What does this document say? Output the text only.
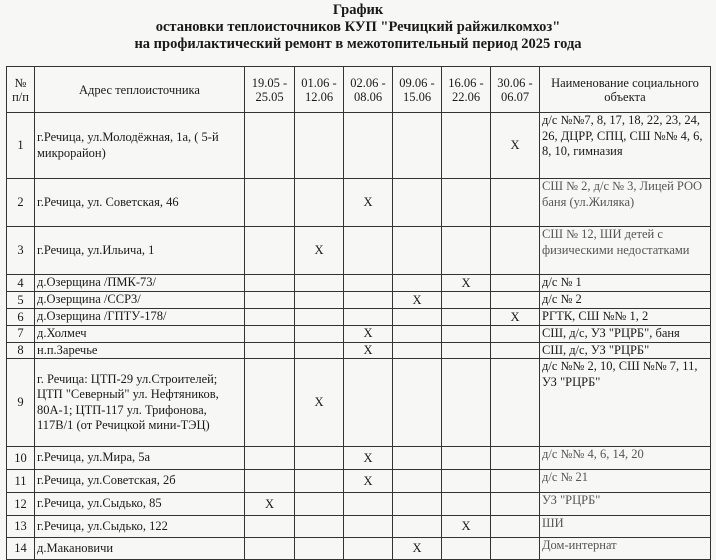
График
остановки теплоисточников КУП "Речицкий райжилкомхоз"
на профилактический ремонт в межотопительный период 2025 года
№ п/п	Адрес теплоисточника	19.05 - 25.05	01.06 - 12.06	02.06 - 08.06	09.06 - 15.06	16.06 - 22.06	30.06 - 06.07	Наименование социального объекта
1	г.Речица, ул.Молодёжная, 1а, ( 5-й микрорайон)						X	д/с №№7, 8, 17, 18, 22, 23, 24, 26, ДЦРР, СПЦ, СШ №№ 4, 6, 8, 10, гимназия
2	г.Речица, ул. Советская, 46			X				СШ № 2, д/с № 3, Лицей РОО баня (ул.Жиляка)
3	г.Речица, ул.Ильича, 1		X					СШ № 12, ШИ детей с физическими недостатками
4	д.Озерщина /ПМК-73/					X		д/с № 1
5	д.Озерщина /ССР3/				X			д/с № 2
6	д.Озерщина /ГПТУ-178/						X	РГТК, СШ №№ 1, 2
7	д.Холмеч			X				СШ, д/с, УЗ "РЦРБ", баня
8	н.п.Заречье			X				СШ, д/с, УЗ "РЦРБ"
9	г. Речица: ЦТП-29 ул.Строителей; ЦТП "Северный" ул. Нефтяников, 80А-1; ЦТП-117 ул. Трифонова, 117В/1 (от Речицкой мини-ТЭЦ)		X					д/с №№ 2, 10, СШ №№ 7, 11, УЗ "РЦРБ"
10	г.Речица, ул.Мира, 5а			X				д/с №№ 4, 6, 14, 20
11	г.Речица, ул.Советская, 2б			X				д/с № 21
12	г.Речица, ул.Сыдько, 85	X						УЗ "РЦРБ"
13	г.Речица, ул.Сыдько, 122					X		ШИ
14	д.Макановичи				X			Дом-интернат
